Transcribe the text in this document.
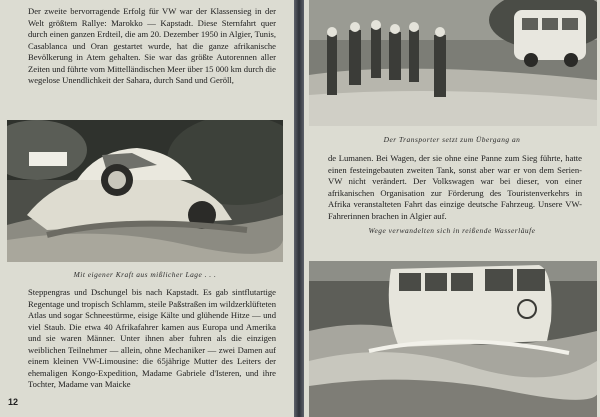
Der zweite bervorragende Erfolg für VW war der Klassensieg in der Welt größtem Rallye: Marokko — Kapstadt. Diese Sternfahrt quer durch einen ganzen Erdteil, die am 20. Dezember 1950 in Algier, Tunis, Casablanca und Oran gestartet wurde, hat die ganze afrikanische Bevölkerung in Atem gehalten. Sie war das größte Autorennen aller Zeiten und führte vom Mittelländischen Meer über 15 000 km durch die wegelose Unendlichkeit der Sahara, durch Sand und Geröll,

Mit eigener Kraft aus mißlicher Lage . . .

Steppengras und Dschungel bis nach Kapstadt. Es gab sintflutartige Regentage und tropisch Schlamm, steile Paßstraßen im wildzerklüfteten Atlas und sogar Schneestürme, eisige Kälte und glühende Hitze — und viel Staub. Die etwa 40 Afrikafahrer kamen aus Europa und Amerika und sie waren Männer. Unter ihnen aber fuhren als die einzigen weiblichen Teilnehmer — allein, ohne Mechaniker — zwei Damen auf einem kleinen VW-Limousine: die 65jährige Mutter des Leiters der ehemaligen Kongo-Expedition, Madame Gabriele d'Isteren, und ihre Tochter, Madame van Maicke

12

Der Transporter setzt zum Übergang an

de Lumanen. Bei Wagen, der sie ohne eine Panne zum Sieg führte, hatte einen festeingebauten zweiten Tank, sonst aber war er von dem Serien-VW nicht verändert. Der Volkswagen war bei dieser, von einer afrikanischen Organisation zur Förderung des Touristenverkehrs in Afrika veranstalteten Fahrt das einzige deutsche Fahrzeug. Unsere VW-Fahrerinnen brachen in Algier auf.

Wege verwandelten sich in reißende Wasserläufe
